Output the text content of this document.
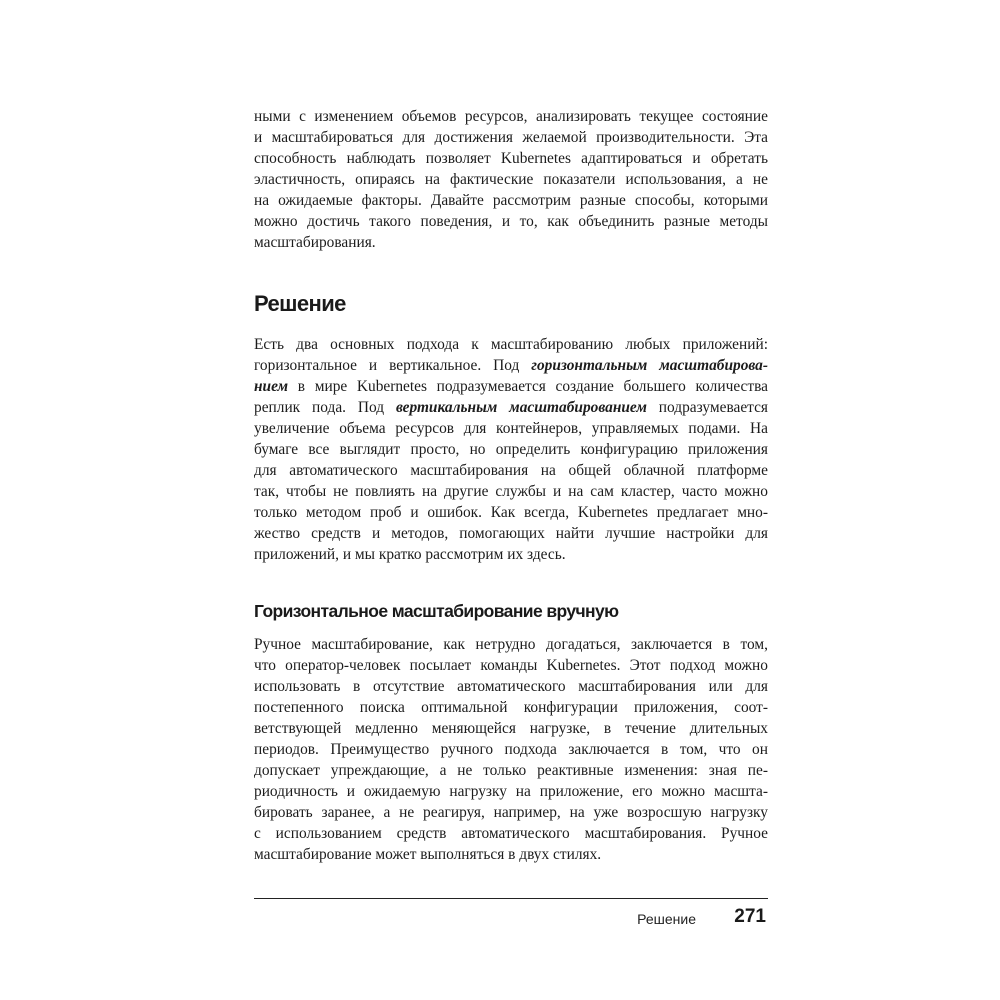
ными с изменением объемов ресурсов, анализировать текущее состояние
и масштабироваться для достижения желаемой производительности. Эта
способность наблюдать позволяет Kubernetes адаптироваться и обретать
эластичность, опираясь на фактические показатели использования, а не
на ожидаемые факторы. Давайте рассмотрим разные способы, которыми
можно достичь такого поведения, и то, как объединить разные методы
масштабирования.
Решение
Есть два основных подхода к масштабированию любых приложений:
горизонтальное и вертикальное. Под горизонтальным масштабирова-
нием в мире Kubernetes подразумевается создание большего количества
реплик пода. Под вертикальным масштабированием подразумевается
увеличение объема ресурсов для контейнеров, управляемых подами. На
бумаге все выглядит просто, но определить конфигурацию приложения
для автоматического масштабирования на общей облачной платформе
так, чтобы не повлиять на другие службы и на сам кластер, часто можно
только методом проб и ошибок. Как всегда, Kubernetes предлагает мно-
жество средств и методов, помогающих найти лучшие настройки для
приложений, и мы кратко рассмотрим их здесь.
Горизонтальное масштабирование вручную
Ручное масштабирование, как нетрудно догадаться, заключается в том,
что оператор-человек посылает команды Kubernetes. Этот подход можно
использовать в отсутствие автоматического масштабирования или для
постепенного поиска оптимальной конфигурации приложения, соот-
ветствующей медленно меняющейся нагрузке, в течение длительных
периодов. Преимущество ручного подхода заключается в том, что он
допускает упреждающие, а не только реактивные изменения: зная пе-
риодичность и ожидаемую нагрузку на приложение, его можно масшта-
бировать заранее, а не реагируя, например, на уже возросшую нагрузку
с использованием средств автоматического масштабирования. Ручное
масштабирование может выполняться в двух стилях.
Решение 271
